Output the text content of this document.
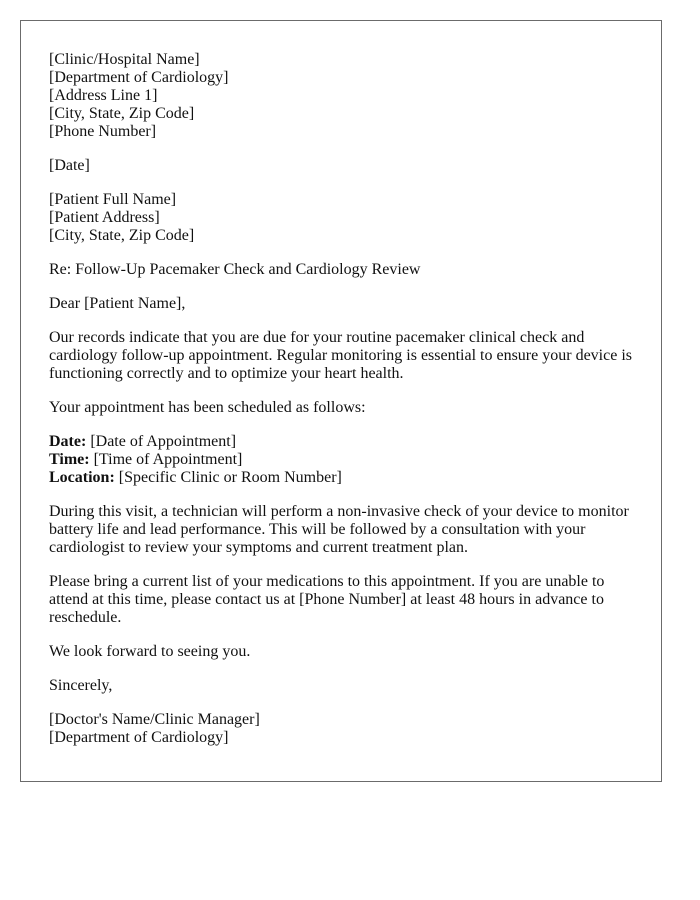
[Clinic/Hospital Name]
[Department of Cardiology]
[Address Line 1]
[City, State, Zip Code]
[Phone Number]
[Date]
[Patient Full Name]
[Patient Address]
[City, State, Zip Code]

Re: Follow-Up Pacemaker Check and Cardiology Review

Dear [Patient Name],

Our records indicate that you are due for your routine pacemaker clinical check and cardiology follow-up appointment. Regular monitoring is essential to ensure your device is functioning correctly and to optimize your heart health.

Your appointment has been scheduled as follows:

Date: [Date of Appointment]
Time: [Time of Appointment]
Location: [Specific Clinic or Room Number]

During this visit, a technician will perform a non-invasive check of your device to monitor battery life and lead performance. This will be followed by a consultation with your cardiologist to review your symptoms and current treatment plan.

Please bring a current list of your medications to this appointment. If you are unable to attend at this time, please contact us at [Phone Number] at least 48 hours in advance to reschedule.

We look forward to seeing you.

Sincerely,

[Doctor's Name/Clinic Manager]
[Department of Cardiology]
